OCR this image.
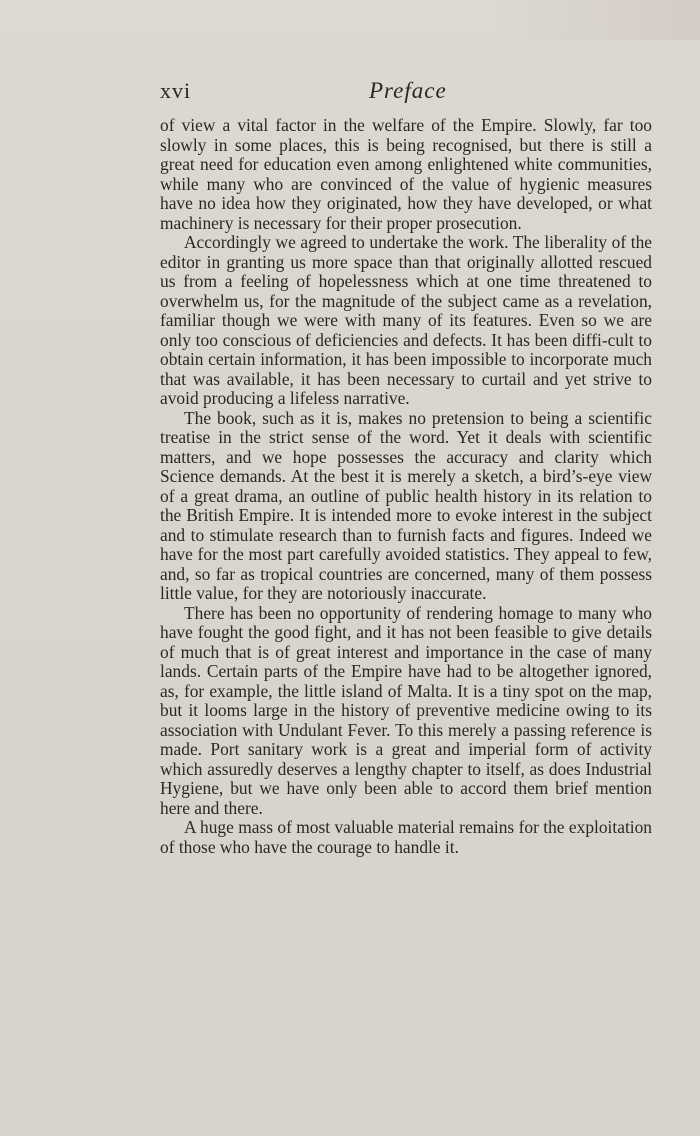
xvi	Preface

of view a vital factor in the welfare of the Empire. Slowly, far too slowly in some places, this is being recognised, but there is still a great need for education even among enlightened white communities, while many who are convinced of the value of hygienic measures have no idea how they originated, how they have developed, or what machinery is necessary for their proper prosecution.

Accordingly we agreed to undertake the work. The liberality of the editor in granting us more space than that originally allotted rescued us from a feeling of hopelessness which at one time threatened to overwhelm us, for the magnitude of the subject came as a revelation, familiar though we were with many of its features. Even so we are only too conscious of deficiencies and defects. It has been diffi-cult to obtain certain information, it has been impossible to incorporate much that was available, it has been necessary to curtail and yet strive to avoid producing a lifeless narrative.

The book, such as it is, makes no pretension to being a scientific treatise in the strict sense of the word. Yet it deals with scientific matters, and we hope possesses the accuracy and clarity which Science demands. At the best it is merely a sketch, a bird’s-eye view of a great drama, an outline of public health history in its relation to the British Empire. It is intended more to evoke interest in the subject and to stimulate research than to furnish facts and figures. Indeed we have for the most part carefully avoided statistics. They appeal to few, and, so far as tropical countries are concerned, many of them possess little value, for they are notoriously inaccurate.

There has been no opportunity of rendering homage to many who have fought the good fight, and it has not been feasible to give details of much that is of great interest and importance in the case of many lands. Certain parts of the Empire have had to be altogether ignored, as, for example, the little island of Malta. It is a tiny spot on the map, but it looms large in the history of preventive medicine owing to its association with Undulant Fever. To this merely a passing reference is made. Port sanitary work is a great and imperial form of activity which assuredly deserves a lengthy chapter to itself, as does Industrial Hygiene, but we have only been able to accord them brief mention here and there.

A huge mass of most valuable material remains for the exploitation of those who have the courage to handle it.
